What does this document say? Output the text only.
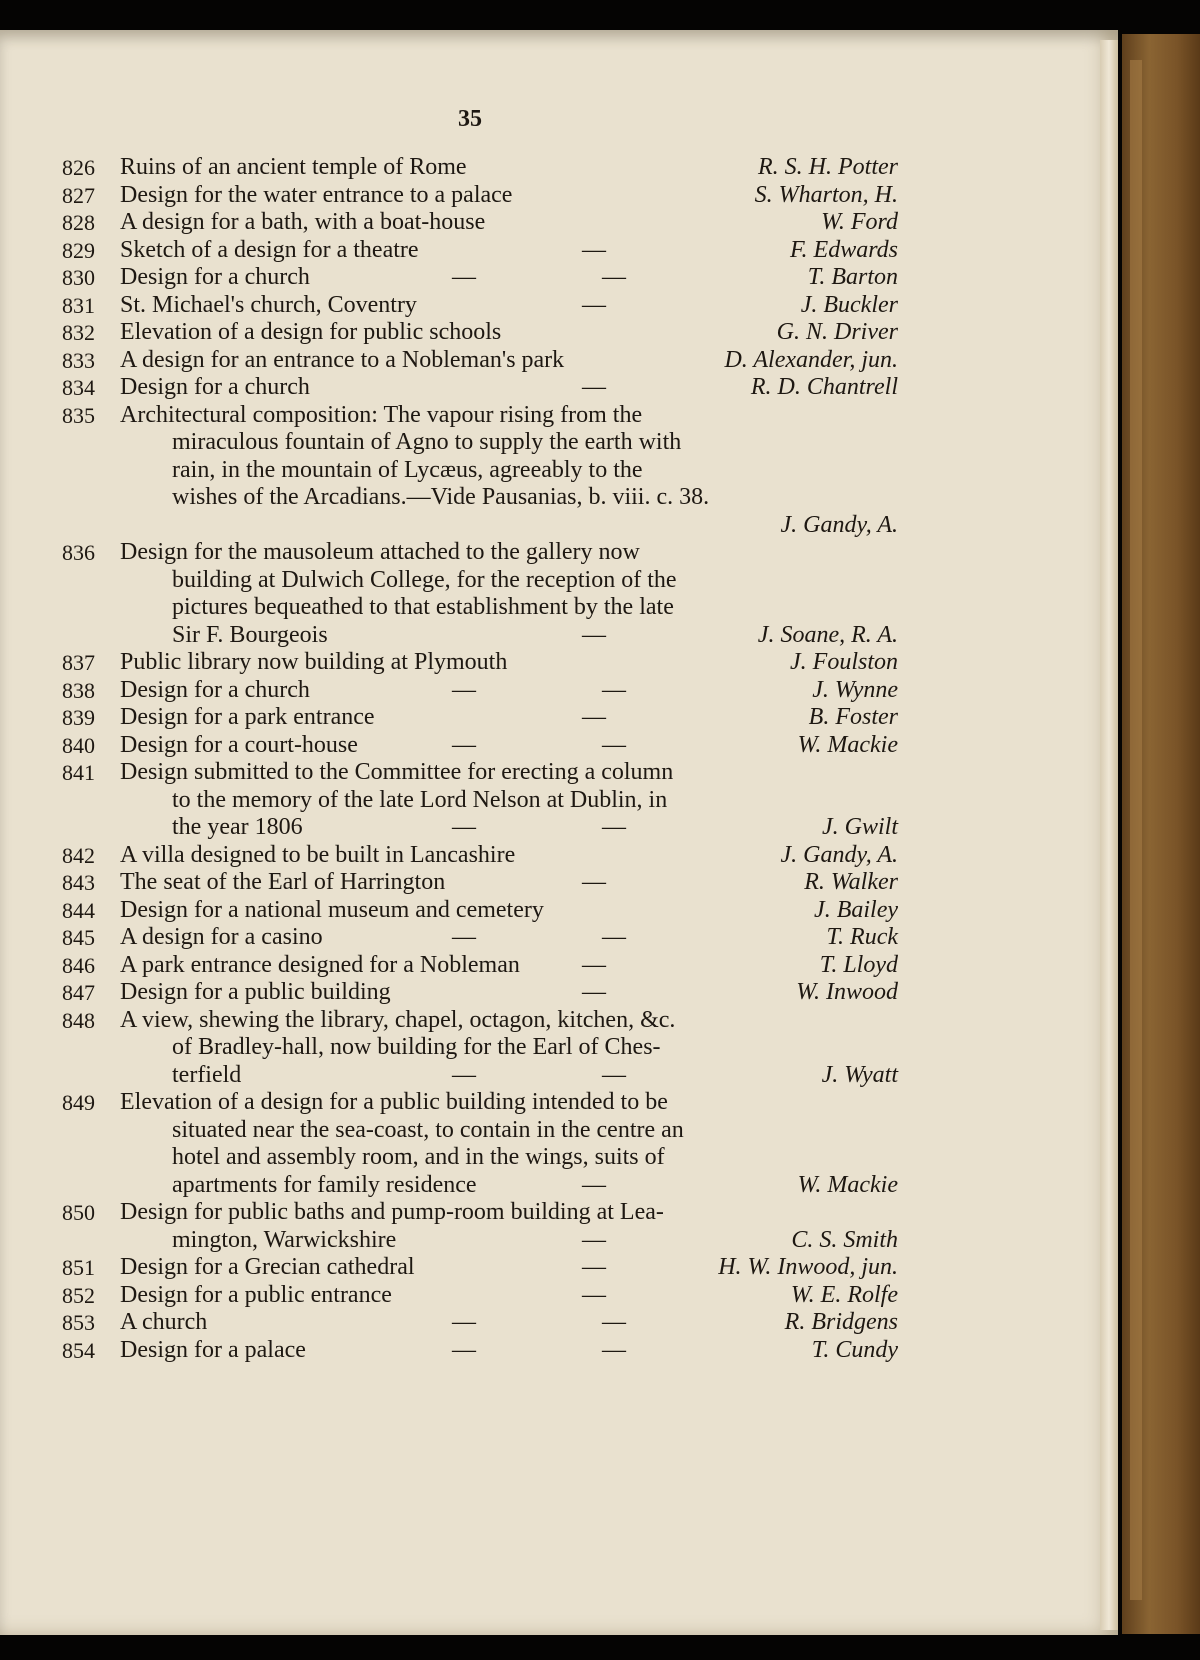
35
826	Ruins of an ancient temple of Rome	R. S. H. Potter
827	Design for the water entrance to a palace	S. Wharton, H.
828	A design for a bath, with a boat-house	W. Ford
829	Sketch of a design for a theatre	—	F. Edwards
830	Design for a church	—	—	T. Barton
831	St. Michael's church, Coventry	—	J. Buckler
832	Elevation of a design for public schools	G. N. Driver
833	A design for an entrance to a Nobleman's park	D. Alexander, jun.
834	Design for a church	—	R. D. Chantrell
835	Architectural composition: The vapour rising from the
miraculous fountain of Agno to supply the earth with
rain, in the mountain of Lycæus, agreeably to the
wishes of the Arcadians.—Vide Pausanias, b. viii. c. 38.
J. Gandy, A.
836	Design for the mausoleum attached to the gallery now
building at Dulwich College, for the reception of the
pictures bequeathed to that establishment by the late
Sir F. Bourgeois	—	J. Soane, R. A.
837	Public library now building at Plymouth	J. Foulston
838	Design for a church	—	—	J. Wynne
839	Design for a park entrance	—	B. Foster
840	Design for a court-house	—	—	W. Mackie
841	Design submitted to the Committee for erecting a column
to the memory of the late Lord Nelson at Dublin, in
the year 1806	—	—	J. Gwilt
842	A villa designed to be built in Lancashire	J. Gandy, A.
843	The seat of the Earl of Harrington	—	R. Walker
844	Design for a national museum and cemetery	J. Bailey
845	A design for a casino	—	—	T. Ruck
846	A park entrance designed for a Nobleman	—	T. Lloyd
847	Design for a public building	—	W. Inwood
848	A view, shewing the library, chapel, octagon, kitchen, &c.
of Bradley-hall, now building for the Earl of Ches-
terfield	—	—	J. Wyatt
849	Elevation of a design for a public building intended to be
situated near the sea-coast, to contain in the centre an
hotel and assembly room, and in the wings, suits of
apartments for family residence	—	W. Mackie
850	Design for public baths and pump-room building at Lea-
mington, Warwickshire	—	C. S. Smith
851	Design for a Grecian cathedral	—	H. W. Inwood, jun.
852	Design for a public entrance	—	W. E. Rolfe
853	A church	—	—	R. Bridgens
854	Design for a palace	—	—	T. Cundy
